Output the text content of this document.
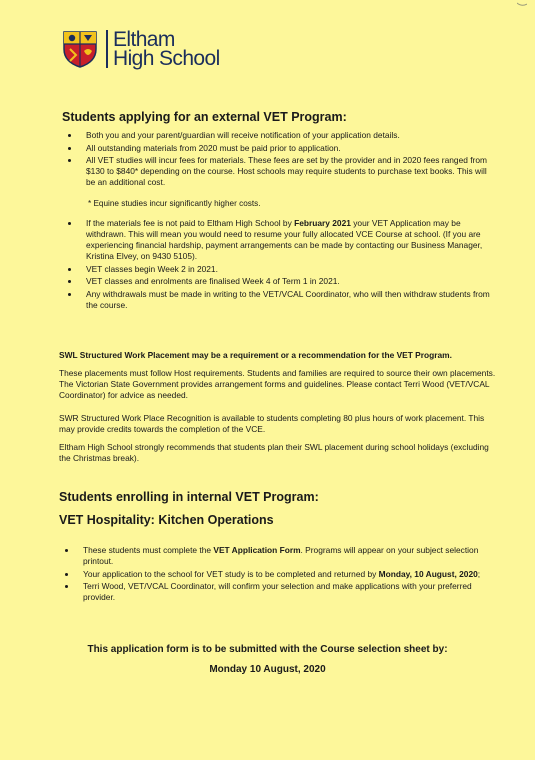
Eltham
High School
Students applying for an external VET Program:
Both you and your parent/guardian will receive notification of your application details.
All outstanding materials from 2020 must be paid prior to application.
All VET studies will incur fees for materials. These fees are set by the provider and in 2020 fees ranged from $130 to $840* depending on the course. Host schools may require students to purchase text books. This will be an additional cost.
* Equine studies incur significantly higher costs.
If the materials fee is not paid to Eltham High School by February 2021 your VET Application may be withdrawn. This will mean you would need to resume your fully allocated VCE Course at school. (If you are experiencing financial hardship, payment arrangements can be made by contacting our Business Manager, Kristina Elvey, on 9430 5105).
VET classes begin Week 2 in 2021.
VET classes and enrolments are finalised Week 4 of Term 1 in 2021.
Any withdrawals must be made in writing to the VET/VCAL Coordinator, who will then withdraw students from the course.
SWL Structured Work Placement may be a requirement or a recommendation for the VET Program.

These placements must follow Host requirements. Students and families are required to source their own placements. The Victorian State Government provides arrangement forms and guidelines. Please contact Terri Wood (VET/VCAL Coordinator) for advice as needed.

SWR Structured Work Place Recognition is available to students completing 80 plus hours of work placement. This may provide credits towards the completion of the VCE.

Eltham High School strongly recommends that students plan their SWL placement during school holidays (excluding the Christmas break).

Students enrolling in internal VET Program:
VET Hospitality: Kitchen Operations
These students must complete the VET Application Form. Programs will appear on your subject selection printout.
Your application to the school for VET study is to be completed and returned by Monday, 10 August, 2020;
Terri Wood, VET/VCAL Coordinator, will confirm your selection and make applications with your preferred provider.
This application form is to be submitted with the Course selection sheet by:
Monday 10 August, 2020
